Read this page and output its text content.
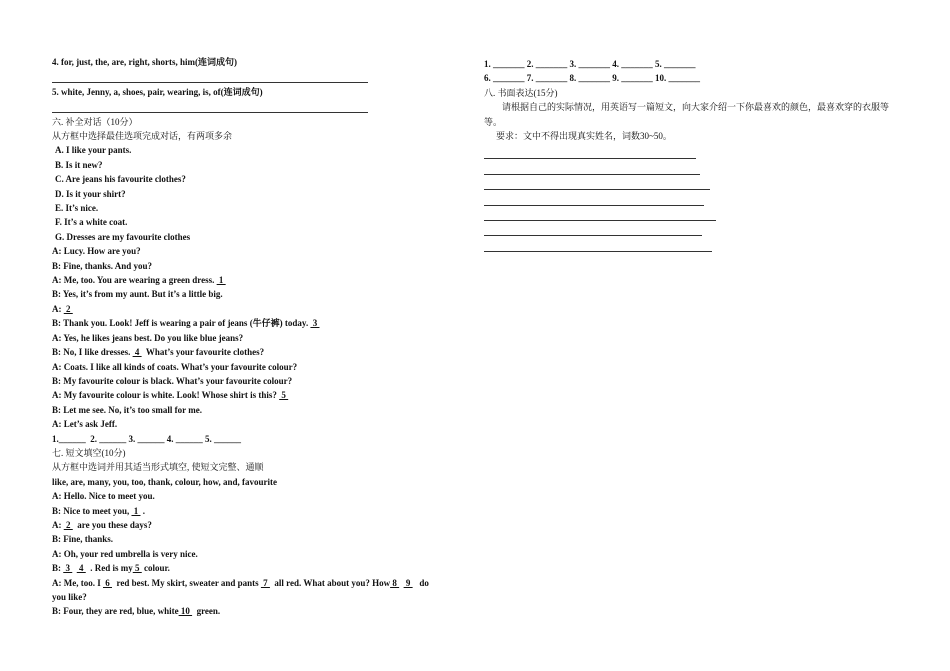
4. for, just, the, are, right, shorts, him(连词成句)
5. white, Jenny, a, shoes, pair, wearing, is, of(连词成句)
六. 补全对话（10分）
从方框中选择最佳选项完成对话，有两项多余
A. I like your pants.
B. Is it new?
C. Are jeans his favourite clothes?
D. Is it your shirt?
E. It’s nice.
F. It’s a white coat.
G. Dresses are my favourite clothes
A: Lucy. How are you?
B: Fine, thanks. And you?
A: Me, too. You are wearing a green dress.  1
B: Yes, it’s from my aunt. But it’s a little big.
A:  2
B: Thank you. Look! Jeff is wearing a pair of jeans (牛仔裤) today.  3
A: Yes, he likes jeans best. Do you like blue jeans?
B: No, I like dresses.  4   What’s your favourite clothes?
A: Coats. I like all kinds of coats. What’s your favourite colour?
B: My favourite colour is black. What’s your favourite colour?
A: My favourite colour is white. Look! Whose shirt is this?  5
B: Let me see. No, it’s too small for me.
A: Let’s ask Jeff.
1.______  2. ______ 3. ______ 4. ______ 5. ______
七. 短文填空(10分)
从方框中选词并用其适当形式填空, 使短文完整、通顺
like, are, many, you, too, thank, colour, how, and, favourite
A: Hello. Nice to meet you.
B: Nice to meet you,  1  .
A:  2   are you these days?
B: Fine, thanks.
A: Oh, your red umbrella is very nice.
B:  3    4   . Red is my 5  colour.
A: Me, too. I  6   red best. My skirt, sweater and pants  7   all red. What about you? How 8    9    do
you like?
B: Four, they are red, blue, white 10   green.
1. _______ 2. _______ 3. _______ 4. _______ 5. _______
6. _______ 7. _______ 8. _______ 9. _______ 10. _______
八. 书面表达(15分)
请根据自己的实际情况，用英语写一篇短文，向大家介绍一下你最喜欢的颜色，最喜欢穿的衣服等等。
要求：文中不得出现真实姓名，词数30~50。
